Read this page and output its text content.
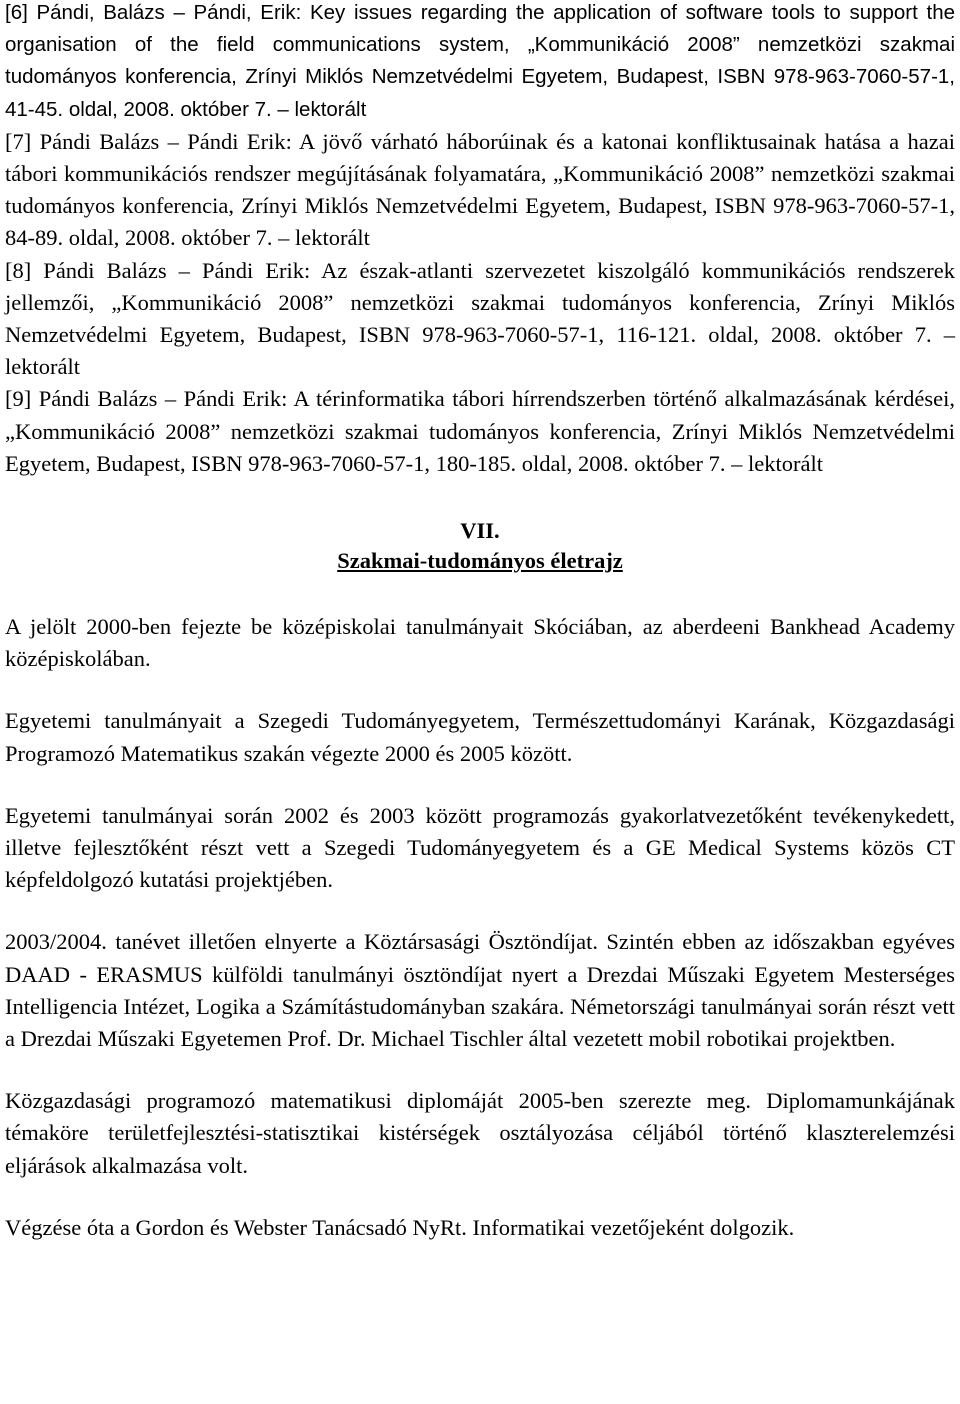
[6] Pándi, Balázs – Pándi, Erik: Key issues regarding the application of software tools to support the organisation of the field communications system, „Kommunikáció 2008” nemzetközi szakmai tudományos konferencia, Zrínyi Miklós Nemzetvédelmi Egyetem, Budapest, ISBN 978-963-7060-57-1, 41-45. oldal, 2008. október 7. – lektorált

[7] Pándi Balázs – Pándi Erik: A jövő várható háborúinak és a katonai konfliktusainak hatása a hazai tábori kommunikációs rendszer megújításának folyamatára, „Kommunikáció 2008” nemzetközi szakmai tudományos konferencia, Zrínyi Miklós Nemzetvédelmi Egyetem, Budapest, ISBN 978-963-7060-57-1, 84-89. oldal, 2008. október 7. – lektorált

[8] Pándi Balázs – Pándi Erik: Az észak-atlanti szervezetet kiszolgáló kommunikációs rendszerek jellemzői, „Kommunikáció 2008” nemzetközi szakmai tudományos konferencia, Zrínyi Miklós Nemzetvédelmi Egyetem, Budapest, ISBN 978-963-7060-57-1, 116-121. oldal, 2008. október 7. – lektorált

[9] Pándi Balázs – Pándi Erik: A térinformatika tábori hírrendszerben történő alkalmazásának kérdései, „Kommunikáció 2008” nemzetközi szakmai tudományos konferencia, Zrínyi Miklós Nemzetvédelmi Egyetem, Budapest, ISBN 978-963-7060-57-1, 180-185. oldal, 2008. október 7. – lektorált

VII.
Szakmai-tudományos életrajz

A jelölt 2000-ben fejezte be középiskolai tanulmányait Skóciában, az aberdeeni Bankhead Academy középiskolában.

Egyetemi tanulmányait a Szegedi Tudományegyetem, Természettudományi Karának, Közgazdasági Programozó Matematikus szakán végezte 2000 és 2005 között.

Egyetemi tanulmányai során 2002 és 2003 között programozás gyakorlatvezetőként tevékenykedett, illetve fejlesztőként részt vett a Szegedi Tudományegyetem és a GE Medical Systems közös CT képfeldolgozó kutatási projektjében.

2003/2004. tanévet illetően elnyerte a Köztársasági Ösztöndíjat. Szintén ebben az időszakban egyéves DAAD - ERASMUS külföldi tanulmányi ösztöndíjat nyert a Drezdai Műszaki Egyetem Mesterséges Intelligencia Intézet, Logika a Számítástudományban szakára. Németországi tanulmányai során részt vett a Drezdai Műszaki Egyetemen Prof. Dr. Michael Tischler által vezetett mobil robotikai projektben.

Közgazdasági programozó matematikusi diplomáját 2005-ben szerezte meg. Diplomamunkájának témaköre területfejlesztési-statisztikai kistérségek osztályozása céljából történő klaszterelemzési eljárások alkalmazása volt.

Végzése óta a Gordon és Webster Tanácsadó NyRt. Informatikai vezetőjeként dolgozik.
